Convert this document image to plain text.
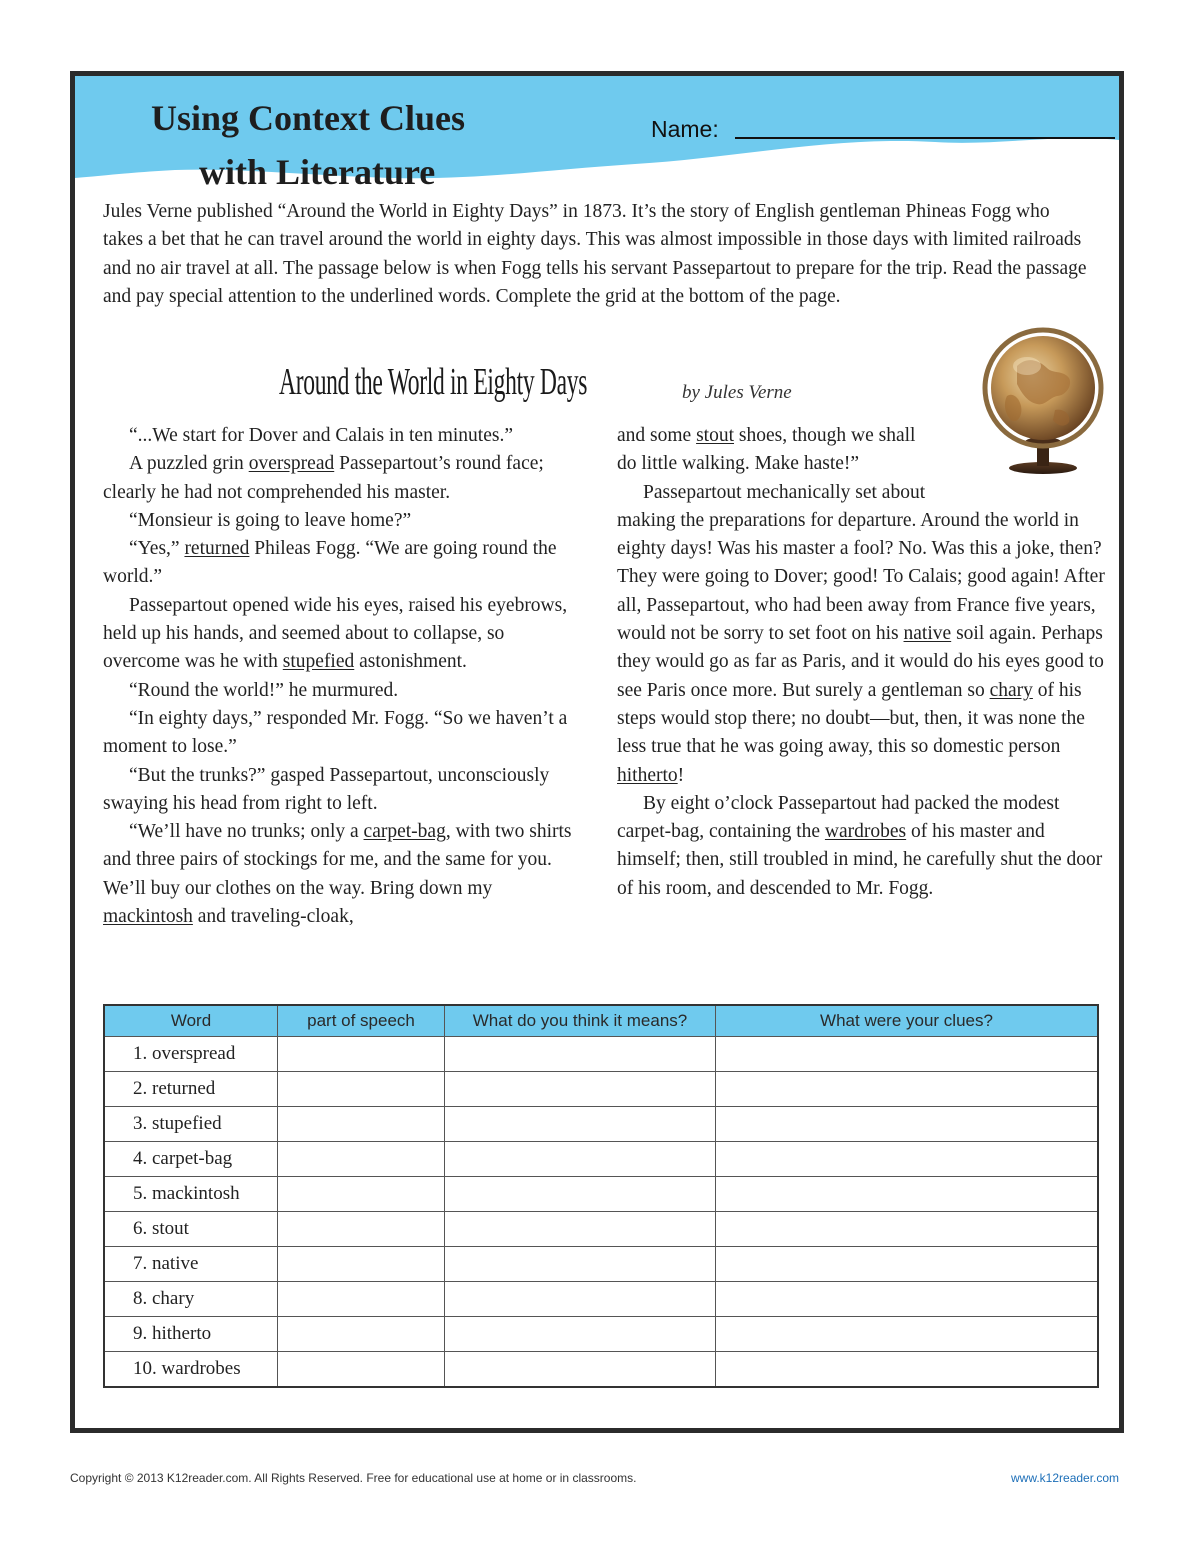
Using Context Clues
with Literature
Name:

Jules Verne published “Around the World in Eighty Days” in 1873. It’s the story of English gentleman Phineas Fogg who takes a bet that he can travel around the world in eighty days. This was almost impossible in those days with limited railroads and no air travel at all. The passage below is when Fogg tells his servant Passepartout to prepare for the trip. Read the passage and pay special attention to the underlined words. Complete the grid at the bottom of the page.

Around the World in Eighty Days	by Jules Verne

“...We start for Dover and Calais in ten minutes.”

A puzzled grin overspread Passepartout’s round face; clearly he had not comprehended his master.

“Monsieur is going to leave home?”

“Yes,” returned Phileas Fogg. “We are going round the world.”

Passepartout opened wide his eyes, raised his eyebrows, held up his hands, and seemed about to collapse, so overcome was he with stupefied astonishment.

“Round the world!” he murmured.

“In eighty days,” responded Mr. Fogg. “So we haven’t a moment to lose.”

“But the trunks?” gasped Passepartout, unconsciously swaying his head from right to left.

“We’ll have no trunks; only a carpet-bag, with two shirts and three pairs of stockings for me, and the same for you. We’ll buy our clothes on the way. Bring down my mackintosh and traveling-cloak,

and some stout shoes, though we shall

do little walking. Make haste!”

Passepartout mechanically set about

making the preparations for departure. Around the world in eighty days! Was his master a fool? No. Was this a joke, then? They were going to Dover; good! To Calais; good again! After all, Passepartout, who had been away from France five years, would not be sorry to set foot on his native soil again. Perhaps they would go as far as Paris, and it would do his eyes good to see Paris once more. But surely a gentleman so chary of his steps would stop there; no doubt—but, then, it was none the less true that he was going away, this so domestic person hitherto!

By eight o’clock Passepartout had packed the modest carpet-bag, containing the wardrobes of his master and himself; then, still troubled in mind, he carefully shut the door of his room, and descended to Mr. Fogg.

Word	part of speech	What do you think it means?	What were your clues?
1. overspread			
2. returned			
3. stupefied			
4. carpet-bag			
5. mackintosh			
6. stout			
7. native			
8. chary			
9. hitherto			
10. wardrobes			
Copyright © 2013 K12reader.com. All Rights Reserved. Free for educational use at home or in classrooms.	www.k12reader.com
